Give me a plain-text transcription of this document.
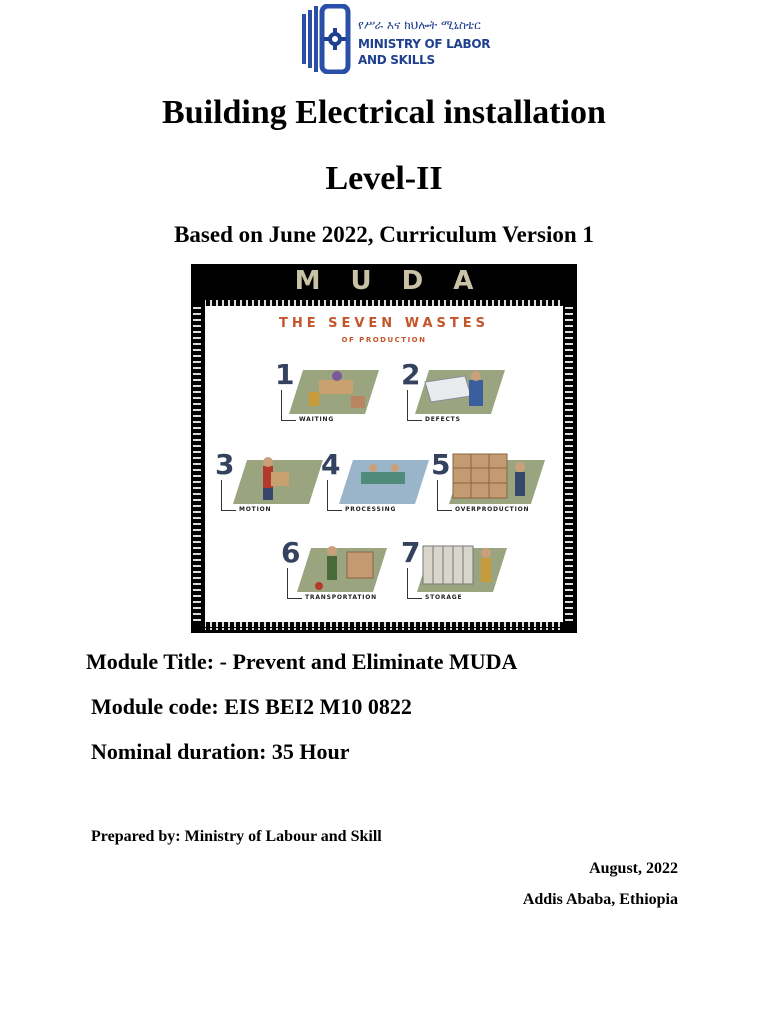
የሥራ እና ክህሎት ሚኒስቴር
MINISTRY OF LABOR
AND SKILLS
Building Electrical installation
Level-II
Based on June 2022, Curriculum Version 1
MUDA
THE SEVEN WASTES
OF PRODUCTION
1
WAITING
2
DEFECTS
3
MOTION
4
PROCESSING
5
OVERPRODUCTION
6
TRANSPORTATION
7
STORAGE
Module Title: - Prevent and Eliminate MUDA
Module code: EIS BEI2 M10 0822
Nominal duration: 35 Hour
Prepared by: Ministry of Labour and Skill
August, 2022
Addis Ababa, Ethiopia
